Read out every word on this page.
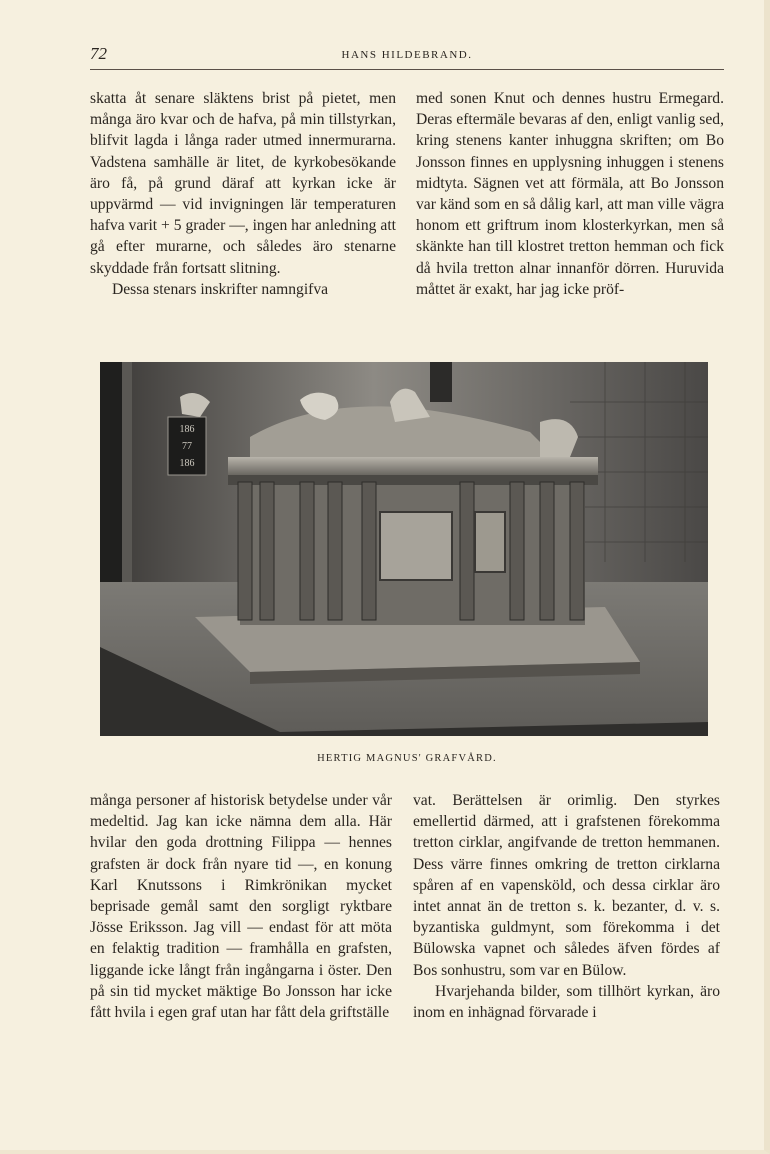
72	HANS HILDEBRAND.

skatta åt senare släktens brist på pietet, men många äro kvar och de hafva, på min tillstyrkan, blifvit lagda i långa rader utmed innermurarna. Vadstena samhälle är litet, de kyrkobesökande äro få, på grund däraf att kyrkan icke är uppvärmd — vid invigningen lär temperaturen hafva varit + 5 grader —, ingen har anledning att gå efter murarne, och således äro stenarne skyddade från fortsatt slitning.

Dessa stenars inskrifter namngifva

med sonen Knut och dennes hustru Ermegard. Deras eftermäle bevaras af den, enligt vanlig sed, kring stenens kanter inhuggna skriften; om Bo Jonsson finnes en upplysning inhuggen i stenens midtyta. Sägnen vet att förmäla, att Bo Jonsson var känd som en så dålig karl, att man ville vägra honom ett griftrum inom klosterkyrkan, men så skänkte han till klostret tretton hemman och fick då hvila tretton alnar innanför dörren. Huruvida måttet är exakt, har jag icke pröf-

186
77
186
HERTIG MAGNUS' GRAFVÅRD.

många personer af historisk betydelse under vår medeltid. Jag kan icke nämna dem alla. Här hvilar den goda drottning Filippa — hennes grafsten är dock från nyare tid —, en konung Karl Knutssons i Rimkrönikan mycket beprisade gemål samt den sorgligt ryktbare Jösse Eriksson. Jag vill — endast för att möta en felaktig tradition — framhålla en grafsten, liggande icke långt från ingångarna i öster. Den på sin tid mycket mäktige Bo Jonsson har icke fått hvila i egen graf utan har fått dela griftställe

vat. Berättelsen är orimlig. Den styrkes emellertid därmed, att i grafstenen förekomma tretton cirklar, angifvande de tretton hemmanen. Dess värre finnes omkring de tretton cirklarna spåren af en vapensköld, och dessa cirklar äro intet annat än de tretton s. k. bezanter, d. v. s. byzantiska guldmynt, som förekomma i det Bülowska vapnet och således äfven fördes af Bos sonhustru, som var en Bülow.

Hvarjehanda bilder, som tillhört kyrkan, äro inom en inhägnad förvarade i
